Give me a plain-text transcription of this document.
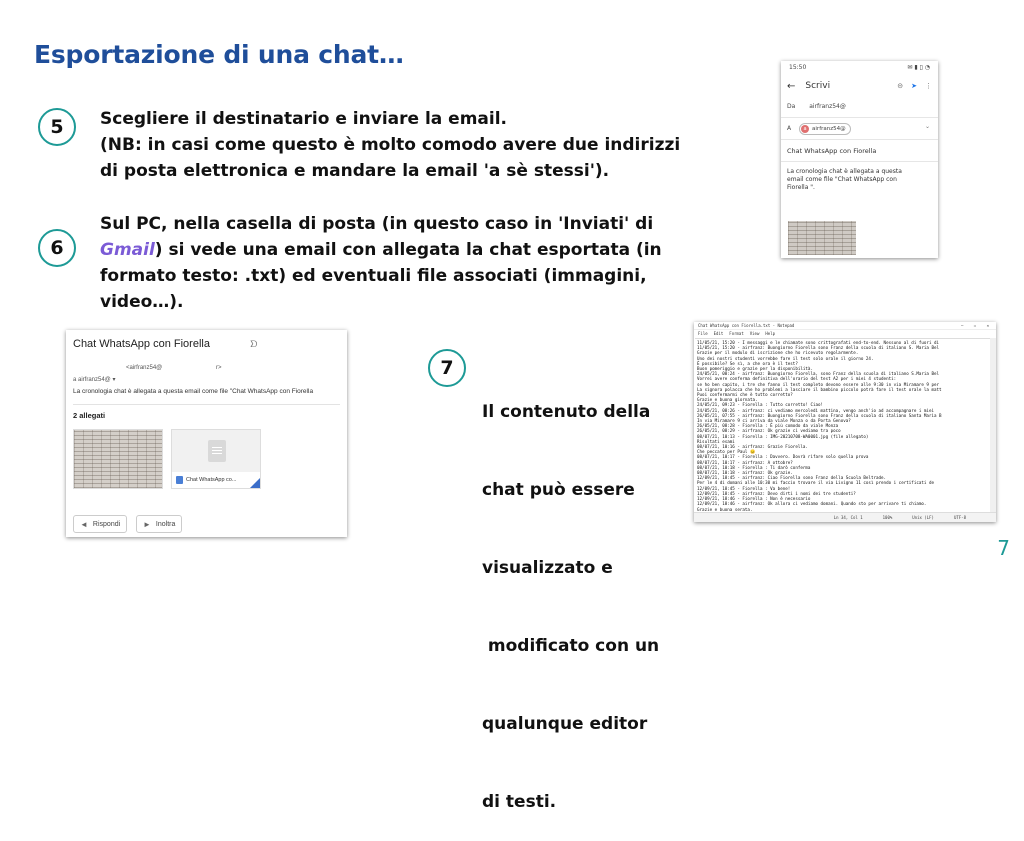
Esportazione di una chat…
5	Scegliere il destinatario e inviare la email.
(NB: in casi come questo è molto comodo avere due indirizzi
di posta elettronica e mandare la email 'a sè stessi').
6
Sul PC, nella casella di posta (in questo caso in 'Inviati' di
Gmail) si vede una email con allegata la chat esportata (in
formato testo: .txt) ed eventuali file associati (immagini,
video…).
15:50	✉ ▮ ▯ ◔
← Scrivi	⊝ ➤ ⋮
Da airfranz54@
A	a airfranz54@	⌄
Chat WhatsApp con Fiorella
La cronologia chat è allegata a questa
email come file "Chat WhatsApp con
Fiorella ".
Chat WhatsApp con Fiorella	ᗤ
<airfranz54@	r>
a airfranz54@ ▾
La cronologia chat è allegata a questa email come file "Chat WhatsApp con Fiorella
2 allegati
Chat WhatsApp co...
◄ Rispondi	► Inoltra
7

Il contenuto della

chat può essere

visualizzato e

modificato con un

qualunque editor

di testi.

Chat WhatsApp con Fiorella.txt - Notepad	— ☐ ✕
File Edit Format View Help
11/05/21, 15:20 - I messaggi e le chiamate sono crittografati end-to-end. Nessuno al di fuori di
11/05/21, 15:20 - airfranz: Buongiorno Fiorella sono Franz della scuola di italiano S. Maria Bel
Grazie per il modulo di iscrizione che ho ricevuto regolarmente.
Uno dei nostri studenti vorrebbe fare il test solo orale il giorno 24.
È possibile? Se sì, a che ora è il test?
Buon pomeriggio e grazie per la disponibilità.
24/05/21, 08:24 - airfranz: Buongiorno Fiorella, sono Franz della scuola di italiano S.Maria Bel
Vorrei avere conferma definitiva dell'orario del test A2 per i miei 4 studenti:
se ho ben capito, i tre che fanno il test completo devono essere alle 9:30 in via Miramare 9 per
La signora polacca che ho problemi a lasciare il bambino piccolo potrà fare il test orale la matt
Puoi confermarmi che è tutto corretto?
Grazie e buona giornata.
24/05/21, 09:23 - Fiorella : Tutto corretto! Ciao!
24/05/21, 08:26 - airfranz: ci vediamo mercoledì mattina, vengo anch'io ad accompagnare i miei
26/05/21, 07:55 - airfranz: Buongiorno Fiorella sono Franz della scuola di italiano Santa Maria B
In via Miramare 9 ci arriva da viale Monza o da Porta Genova?
26/05/21, 08:28 - Fiorella : È più comodo da viale Monza
26/05/21, 08:29 - airfranz: Ok grazie ci vediamo tra poco
08/07/21, 10:13 - Fiorella : IMG-20210708-WA0001.jpg (file allegato)
Risultati esami
08/07/21, 10:16 - airfranz: Grazie Fiorella.
Che peccato per Paul 😐
08/07/21, 10:17 - Fiorella : Davvero. Dovrà rifare solo quella prova
08/07/21, 10:17 - airfranz: A ottobre?
08/07/21, 10:18 - Fiorella : Ti darò conferma
08/07/21, 10:18 - airfranz: Ok grazie.
12/09/21, 18:45 - airfranz: Ciao Fiorella sono Franz della Scuola Beltrade.
Per le 4 di domani alle 10:30 mi faccio trovare il via Livigno 11 così prendo i certificati de
12/09/21, 18:45 - Fiorella : Va bene!
12/09/21, 18:45 - airfranz: Devo dirti i nomi dei tre studenti?
12/09/21, 18:46 - Fiorella : Non è necessario
12/09/21, 18:46 - airfranz: Ok allora ci vediamo domani. Quando sto per arrivare ti chiamo.
Grazie e buona serata.
Ln 34, Col 1	100%	Unix (LF)	UTF-8
7
